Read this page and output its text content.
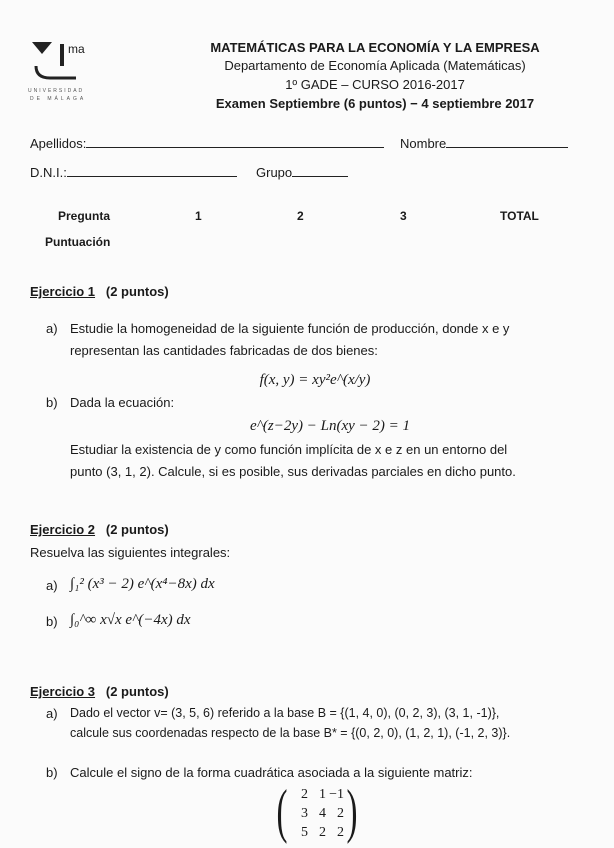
ma
UNIVERSIDAD
DE MÁLAGA
MATEMÁTICAS PARA LA ECONOMÍA Y LA EMPRESA
Departamento de Economía Aplicada (Matemáticas)
1º GADE – CURSO 2016-2017
Examen Septiembre (6 puntos) − 4 septiembre 2017
Apellidos:	Nombre
D.N.I.:	Grupo
Pregunta	1	2	3	TOTAL
Puntuación
Ejercicio 1 (2 puntos)
a) Estudie la homogeneidad de la siguiente función de producción, donde x e y
representan las cantidades fabricadas de dos bienes:
f(x, y) = xy²e^(x/y)
b) Dada la ecuación:
e^(z−2y) − Ln(xy − 2) = 1
Estudiar la existencia de y como función implícita de x e z en un entorno del
punto (3, 1, 2). Calcule, si es posible, sus derivadas parciales en dicho punto.
Ejercicio 2 (2 puntos)
Resuelva las siguientes integrales:
a) ∫₁² (x³ − 2) e^(x⁴−8x) dx
b) ∫₀^∞ x√x e^(−4x) dx
Ejercicio 3 (2 puntos)
a) Dado el vector v= (3, 5, 6) referido a la base B = {(1, 4, 0), (0, 2, 3), (3, 1, -1)},
calcule sus coordenadas respecto de la base B* = {(0, 2, 0), (1, 2, 1), (-1, 2, 3)}.
b) Calcule el signo de la forma cuadrática asociada a la siguiente matriz:
( 2	1	−1
3	4	2
5	2	2 )
